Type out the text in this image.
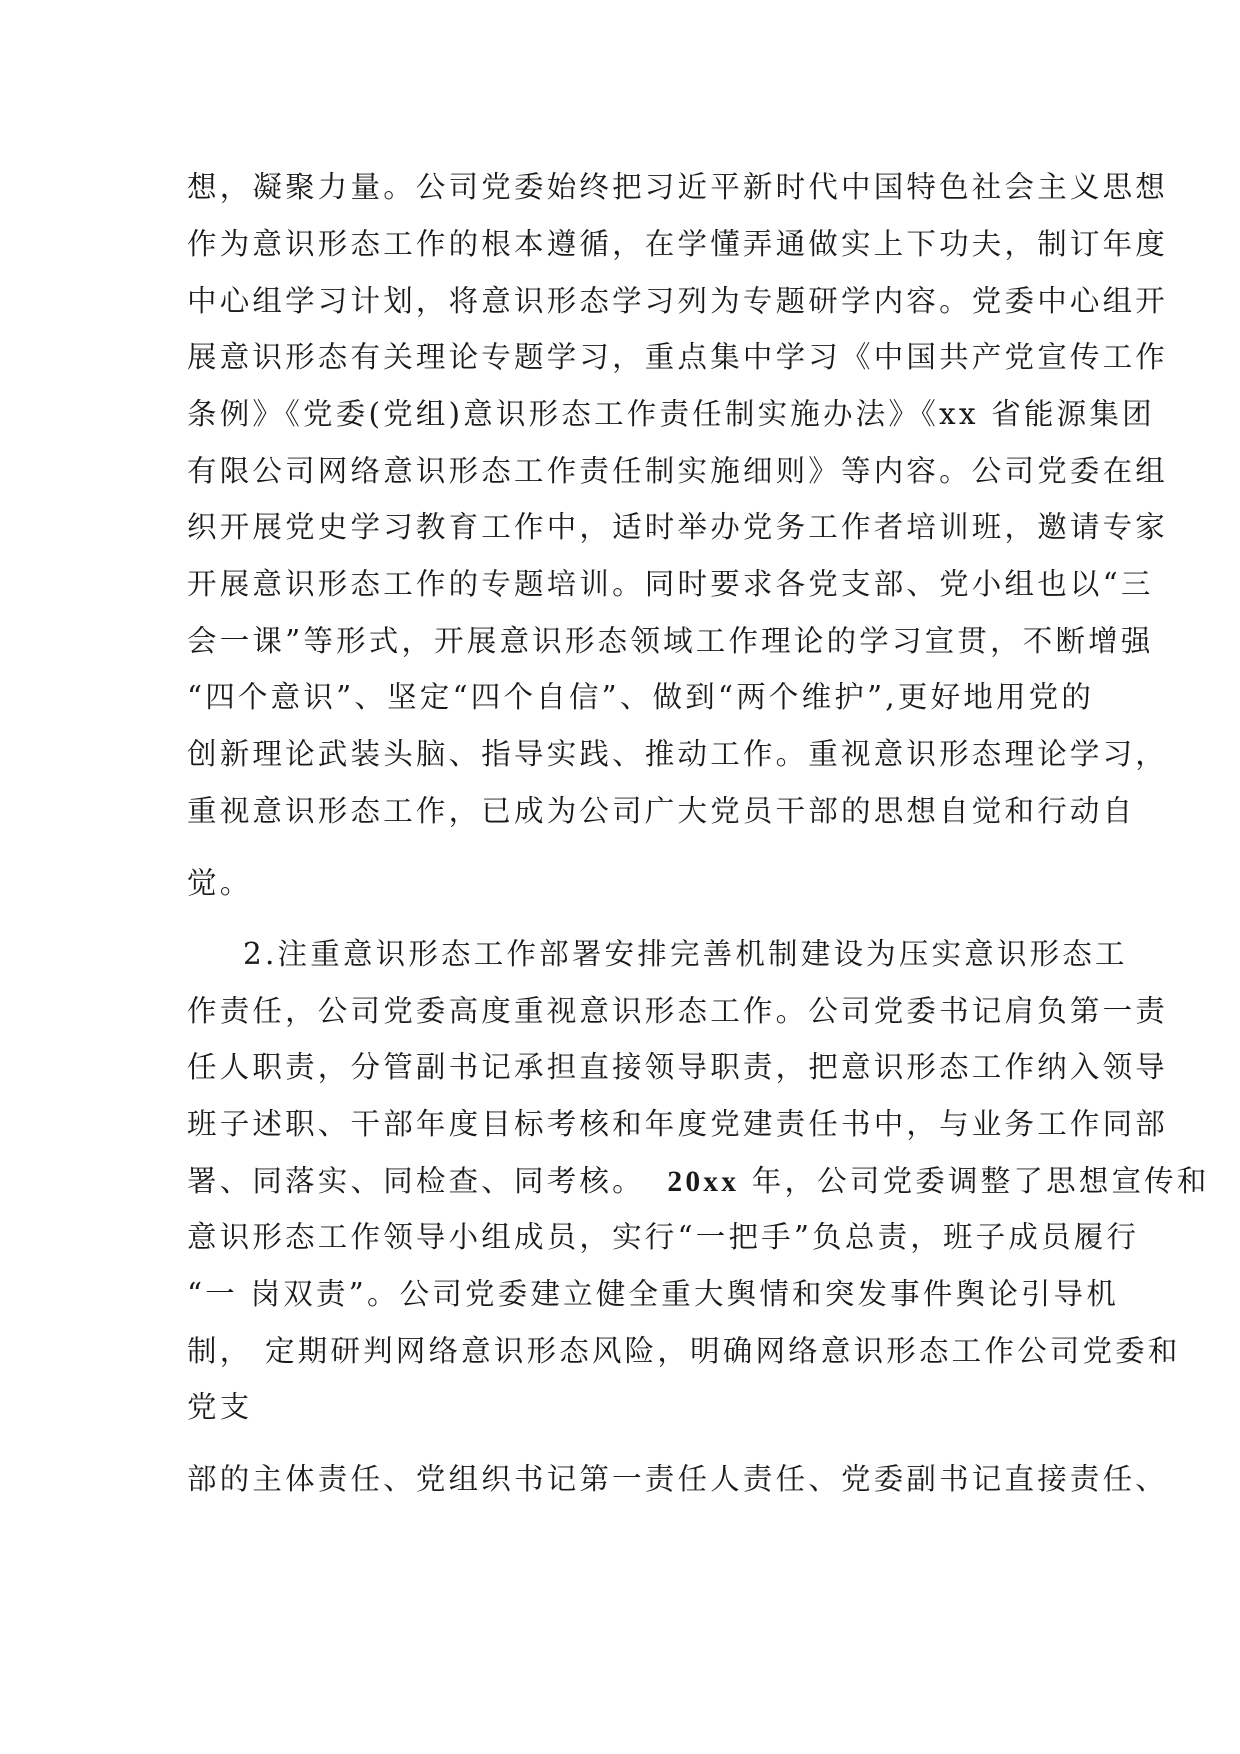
想，凝聚力量。公司党委始终把习近平新时代中国特色社会主义思想
作为意识形态工作的根本遵循，在学懂弄通做实上下功夫，制订年度
中心组学习计划，将意识形态学习列为专题研学内容。党委中心组开
展意识形态有关理论专题学习，重点集中学习《中国共产党宣传工作
条例》《党委(党组)意识形态工作责任制实施办法》《xx 省能源集团
有限公司网络意识形态工作责任制实施细则》等内容。公司党委在组
织开展党史学习教育工作中，适时举办党务工作者培训班，邀请专家
开展意识形态工作的专题培训。同时要求各党支部、党小组也以“三
会一课”等形式，开展意识形态领域工作理论的学习宣贯，不断增强
“四个意识”、坚定“四个自信”、做到“两个维护”,更好地用党的
创新理论武装头脑、指导实践、推动工作。重视意识形态理论学习，
重视意识形态工作，已成为公司广大党员干部的思想自觉和行动自
觉。
2.注重意识形态工作部署安排完善机制建设为压实意识形态工
作责任，公司党委高度重视意识形态工作。公司党委书记肩负第一责
任人职责，分管副书记承担直接领导职责，把意识形态工作纳入领导
班子述职、干部年度目标考核和年度党建责任书中，与业务工作同部
署、同落实、同检查、同考核。 20xx 年，公司党委调整了思想宣传和
意识形态工作领导小组成员，实行“一把手”负总责，班子成员履行
“一 岗双责”。公司党委建立健全重大舆情和突发事件舆论引导机
制， 定期研判网络意识形态风险，明确网络意识形态工作公司党委和
党支
部的主体责任、党组织书记第一责任人责任、党委副书记直接责任、
